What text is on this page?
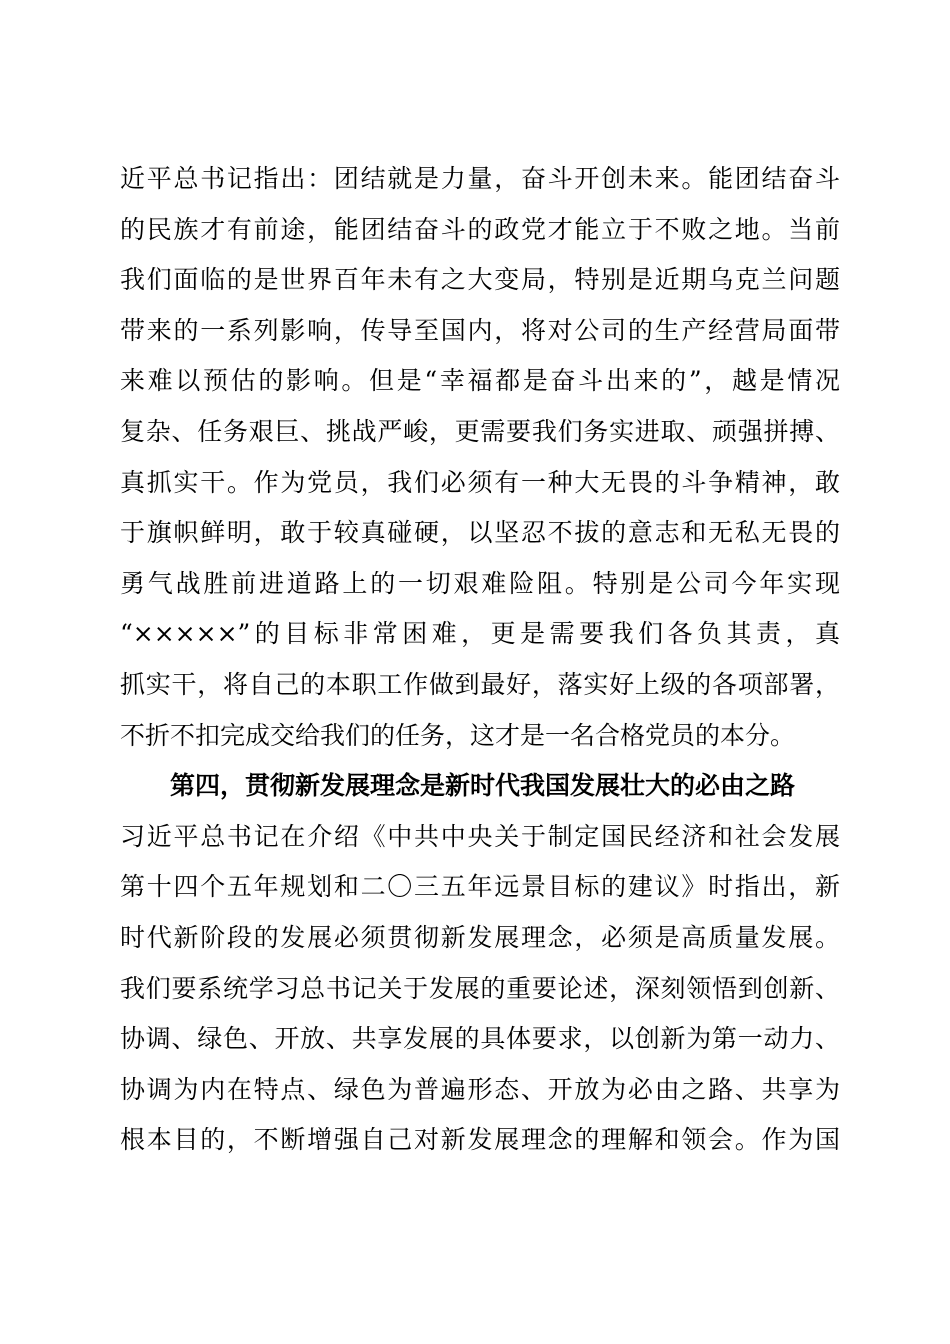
近平总书记指出：团结就是力量，奋斗开创未来。能团结奋斗
的民族才有前途，能团结奋斗的政党才能立于不败之地。当前
我们面临的是世界百年未有之大变局，特别是近期乌克兰问题
带来的一系列影响，传导至国内，将对公司的生产经营局面带
来难以预估的影响。但是“幸福都是奋斗出来的”，越是情况
复杂、任务艰巨、挑战严峻，更需要我们务实进取、顽强拼搏、
真抓实干。作为党员，我们必须有一种大无畏的斗争精神，敢
于旗帜鲜明，敢于较真碰硬，以坚忍不拔的意志和无私无畏的
勇气战胜前进道路上的一切艰难险阻。特别是公司今年实现
“×××××”的目标非常困难，更是需要我们各负其责，真
抓实干，将自己的本职工作做到最好，落实好上级的各项部署，
不折不扣完成交给我们的任务，这才是一名合格党员的本分。
第四，贯彻新发展理念是新时代我国发展壮大的必由之路
习近平总书记在介绍《中共中央关于制定国民经济和社会发展
第十四个五年规划和二〇三五年远景目标的建议》时指出，新
时代新阶段的发展必须贯彻新发展理念，必须是高质量发展。
我们要系统学习总书记关于发展的重要论述，深刻领悟到创新、
协调、绿色、开放、共享发展的具体要求，以创新为第一动力、
协调为内在特点、绿色为普遍形态、开放为必由之路、共享为
根本目的，不断增强自己对新发展理念的理解和领会。作为国
